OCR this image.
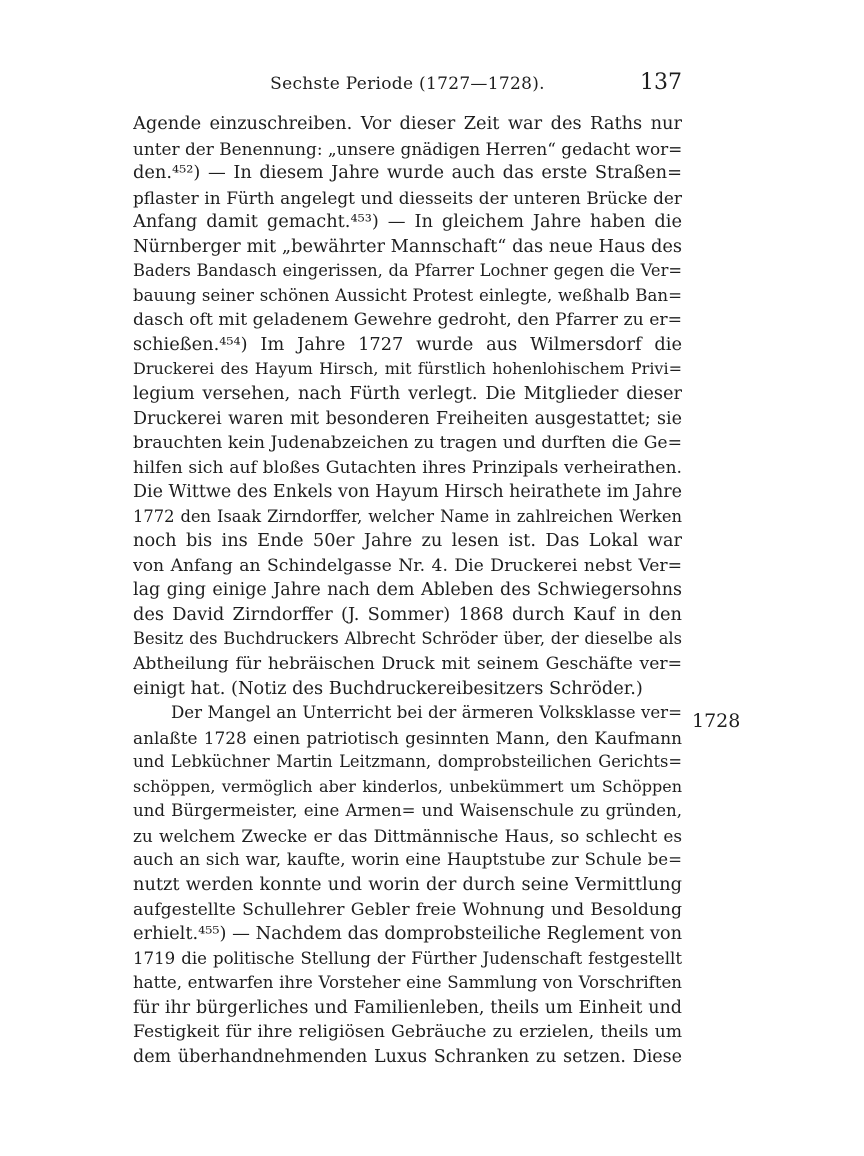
Sechste Periode (1727—1728).	137
1728
Agende einzuschreiben. Vor dieser Zeit war des Raths nur
unter der Benennung: „unsere gnädigen Herren“ gedacht wor=
den.⁴⁵²) — In diesem Jahre wurde auch das erste Straßen=
pflaster in Fürth angelegt und diesseits der unteren Brücke der
Anfang damit gemacht.⁴⁵³) — In gleichem Jahre haben die
Nürnberger mit „bewährter Mannschaft“ das neue Haus des
Baders Bandasch eingerissen, da Pfarrer Lochner gegen die Ver=
bauung seiner schönen Aussicht Protest einlegte, weßhalb Ban=
dasch oft mit geladenem Gewehre gedroht, den Pfarrer zu er=
schießen.⁴⁵⁴) Im Jahre 1727 wurde aus Wilmersdorf die
Druckerei des Hayum Hirsch, mit fürstlich hohenlohischem Privi=
legium versehen, nach Fürth verlegt. Die Mitglieder dieser
Druckerei waren mit besonderen Freiheiten ausgestattet; sie
brauchten kein Judenabzeichen zu tragen und durften die Ge=
hilfen sich auf bloßes Gutachten ihres Prinzipals verheirathen.
Die Wittwe des Enkels von Hayum Hirsch heirathete im Jahre
1772 den Isaak Zirndorffer, welcher Name in zahlreichen Werken
noch bis ins Ende 50er Jahre zu lesen ist. Das Lokal war
von Anfang an Schindelgasse Nr. 4. Die Druckerei nebst Ver=
lag ging einige Jahre nach dem Ableben des Schwiegersohns
des David Zirndorffer (J. Sommer) 1868 durch Kauf in den
Besitz des Buchdruckers Albrecht Schröder über, der dieselbe als
Abtheilung für hebräischen Druck mit seinem Geschäfte ver=
einigt hat. (Notiz des Buchdruckereibesitzers Schröder.)
Der Mangel an Unterricht bei der ärmeren Volksklasse ver=
anlaßte 1728 einen patriotisch gesinnten Mann, den Kaufmann
und Lebküchner Martin Leitzmann, domprobsteilichen Gerichts=
schöppen, vermöglich aber kinderlos, unbekümmert um Schöppen
und Bürgermeister, eine Armen= und Waisenschule zu gründen,
zu welchem Zwecke er das Dittmännische Haus, so schlecht es
auch an sich war, kaufte, worin eine Hauptstube zur Schule be=
nutzt werden konnte und worin der durch seine Vermittlung
aufgestellte Schullehrer Gebler freie Wohnung und Besoldung
erhielt.⁴⁵⁵) — Nachdem das domprobsteiliche Reglement von
1719 die politische Stellung der Fürther Judenschaft festgestellt
hatte, entwarfen ihre Vorsteher eine Sammlung von Vorschriften
für ihr bürgerliches und Familienleben, theils um Einheit und
Festigkeit für ihre religiösen Gebräuche zu erzielen, theils um
dem überhandnehmenden Luxus Schranken zu setzen. Diese
